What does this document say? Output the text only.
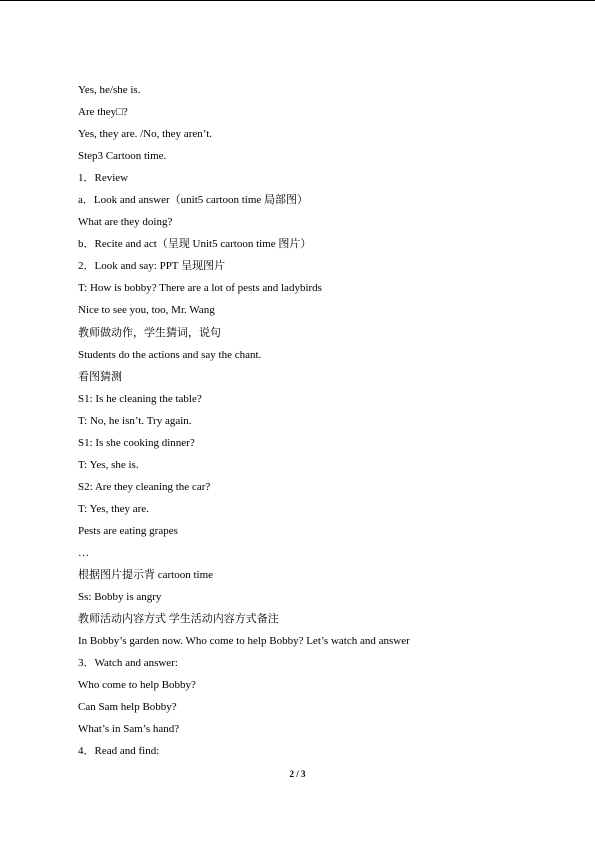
Yes, he/she is.
Are they□?
Yes, they are. /No, they aren’t.
Step3 Cartoon time.
1．Review
a．Look and answer（unit5 cartoon time 局部图）
What are they doing?
b．Recite and act（呈现 Unit5 cartoon time 图片）
2．Look and say: PPT 呈现图片
T: How is bobby? There are a lot of pests and ladybirds
Nice to see you, too, Mr. Wang
教师做动作，学生猜词，说句
Students do the actions and say the chant.
看图猜测
S1: Is he cleaning the table?
T: No, he isn’t. Try again.
S1: Is she cooking dinner?
T: Yes, she is.
S2: Are they cleaning the car?
T: Yes, they are.
Pests are eating grapes
…
根据图片提示背 cartoon time
Ss: Bobby is angry
教师活动内容方式 学生活动内容方式备注
In Bobby’s garden now. Who come to help Bobby? Let’s watch and answer
3．Watch and answer:
Who come to help Bobby?
Can Sam help Bobby?
What’s in Sam’s hand?
4．Read and find:
2 / 3
